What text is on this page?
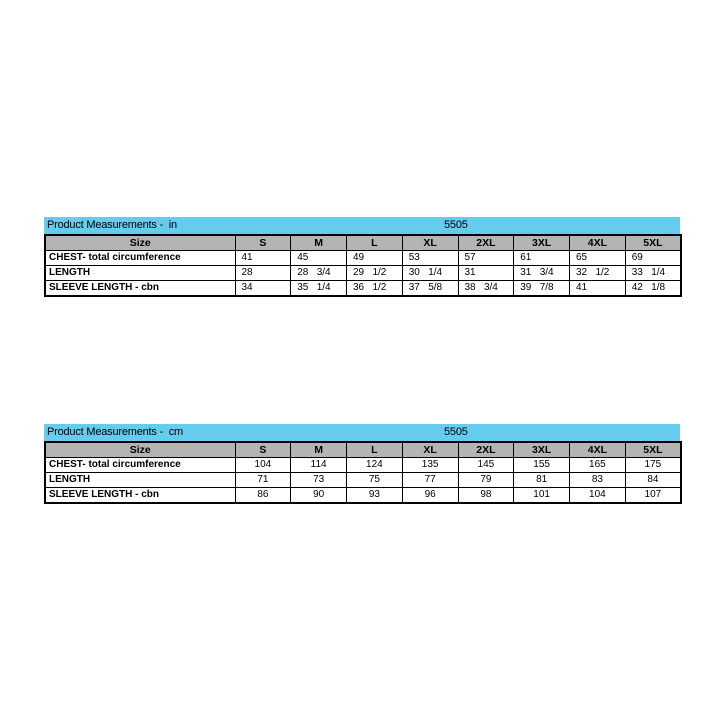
Product Measurements -  in	5505
Size	S	M	L	XL	2XL	3XL	4XL	5XL
CHEST- total circumference	41	45	49	53	57	61	65	69
LENGTH	28	28   3/4	29   1/2	30   1/4	31	31   3/4	32   1/2	33   1/4
SLEEVE LENGTH - cbn	34	35   1/4	36   1/2	37   5/8	38   3/4	39   7/8	41	42   1/8
Product Measurements -  cm	5505
Size	S	M	L	XL	2XL	3XL	4XL	5XL
CHEST- total circumference	104	114	124	135	145	155	165	175
LENGTH	71	73	75	77	79	81	83	84
SLEEVE LENGTH - cbn	86	90	93	96	98	101	104	107
